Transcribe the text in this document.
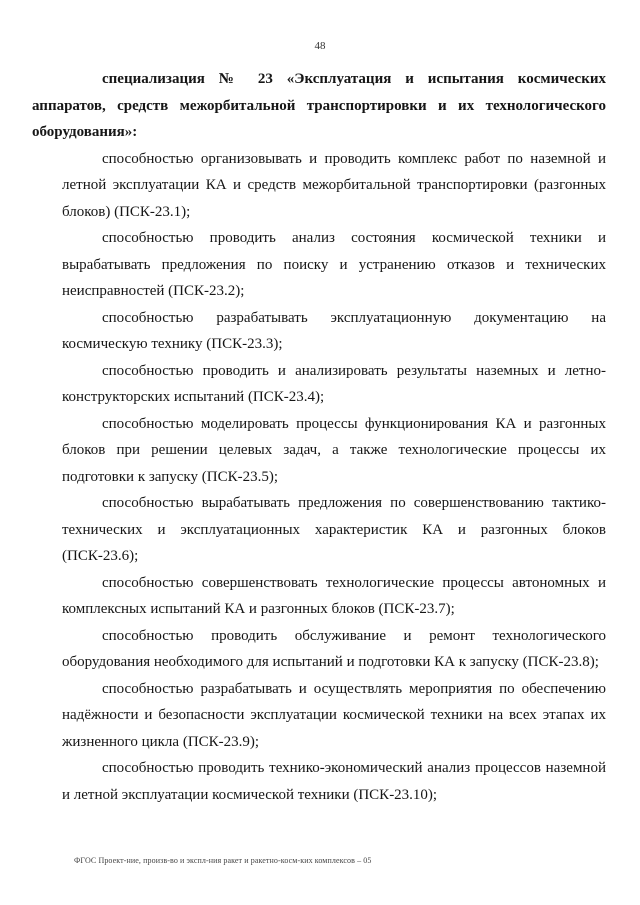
48
специализация № 23 «Эксплуатация и испытания космических
аппаратов, средств межорбитальной транспортировки и их технологического
оборудования»:
способностью организовывать и проводить комплекс работ по наземной и
летной эксплуатации КА и средств межорбитальной транспортировки (разгонных
блоков) (ПСК-23.1);
способностью проводить анализ состояния космической техники и
вырабатывать предложения по поиску и устранению отказов и технических
неисправностей (ПСК-23.2);
способностью разрабатывать эксплуатационную документацию на
космическую технику (ПСК-23.3);
способностью проводить и анализировать результаты наземных и летно-
конструкторских испытаний (ПСК-23.4);
способностью моделировать процессы функционирования КА и разгонных
блоков при решении целевых задач, а также технологические процессы их
подготовки к запуску (ПСК-23.5);
способностью вырабатывать предложения по совершенствованию тактико-
технических и эксплуатационных характеристик КА и разгонных блоков
(ПСК-23.6);
способностью совершенствовать технологические процессы автономных и
комплексных испытаний КА и разгонных блоков (ПСК-23.7);
способностью проводить обслуживание и ремонт технологического
оборудования необходимого для испытаний и подготовки КА к запуску (ПСК-23.8);
способностью разрабатывать и осуществлять мероприятия по обеспечению
надёжности и безопасности эксплуатации космической техники на всех этапах их
жизненного цикла (ПСК-23.9);
способностью проводить технико-экономический анализ процессов наземной
и летной эксплуатации космической техники (ПСК-23.10);
ФГОС Проект-ние, произв-во и экспл-ния ракет и ракетно-косм-ких комплексов – 05
